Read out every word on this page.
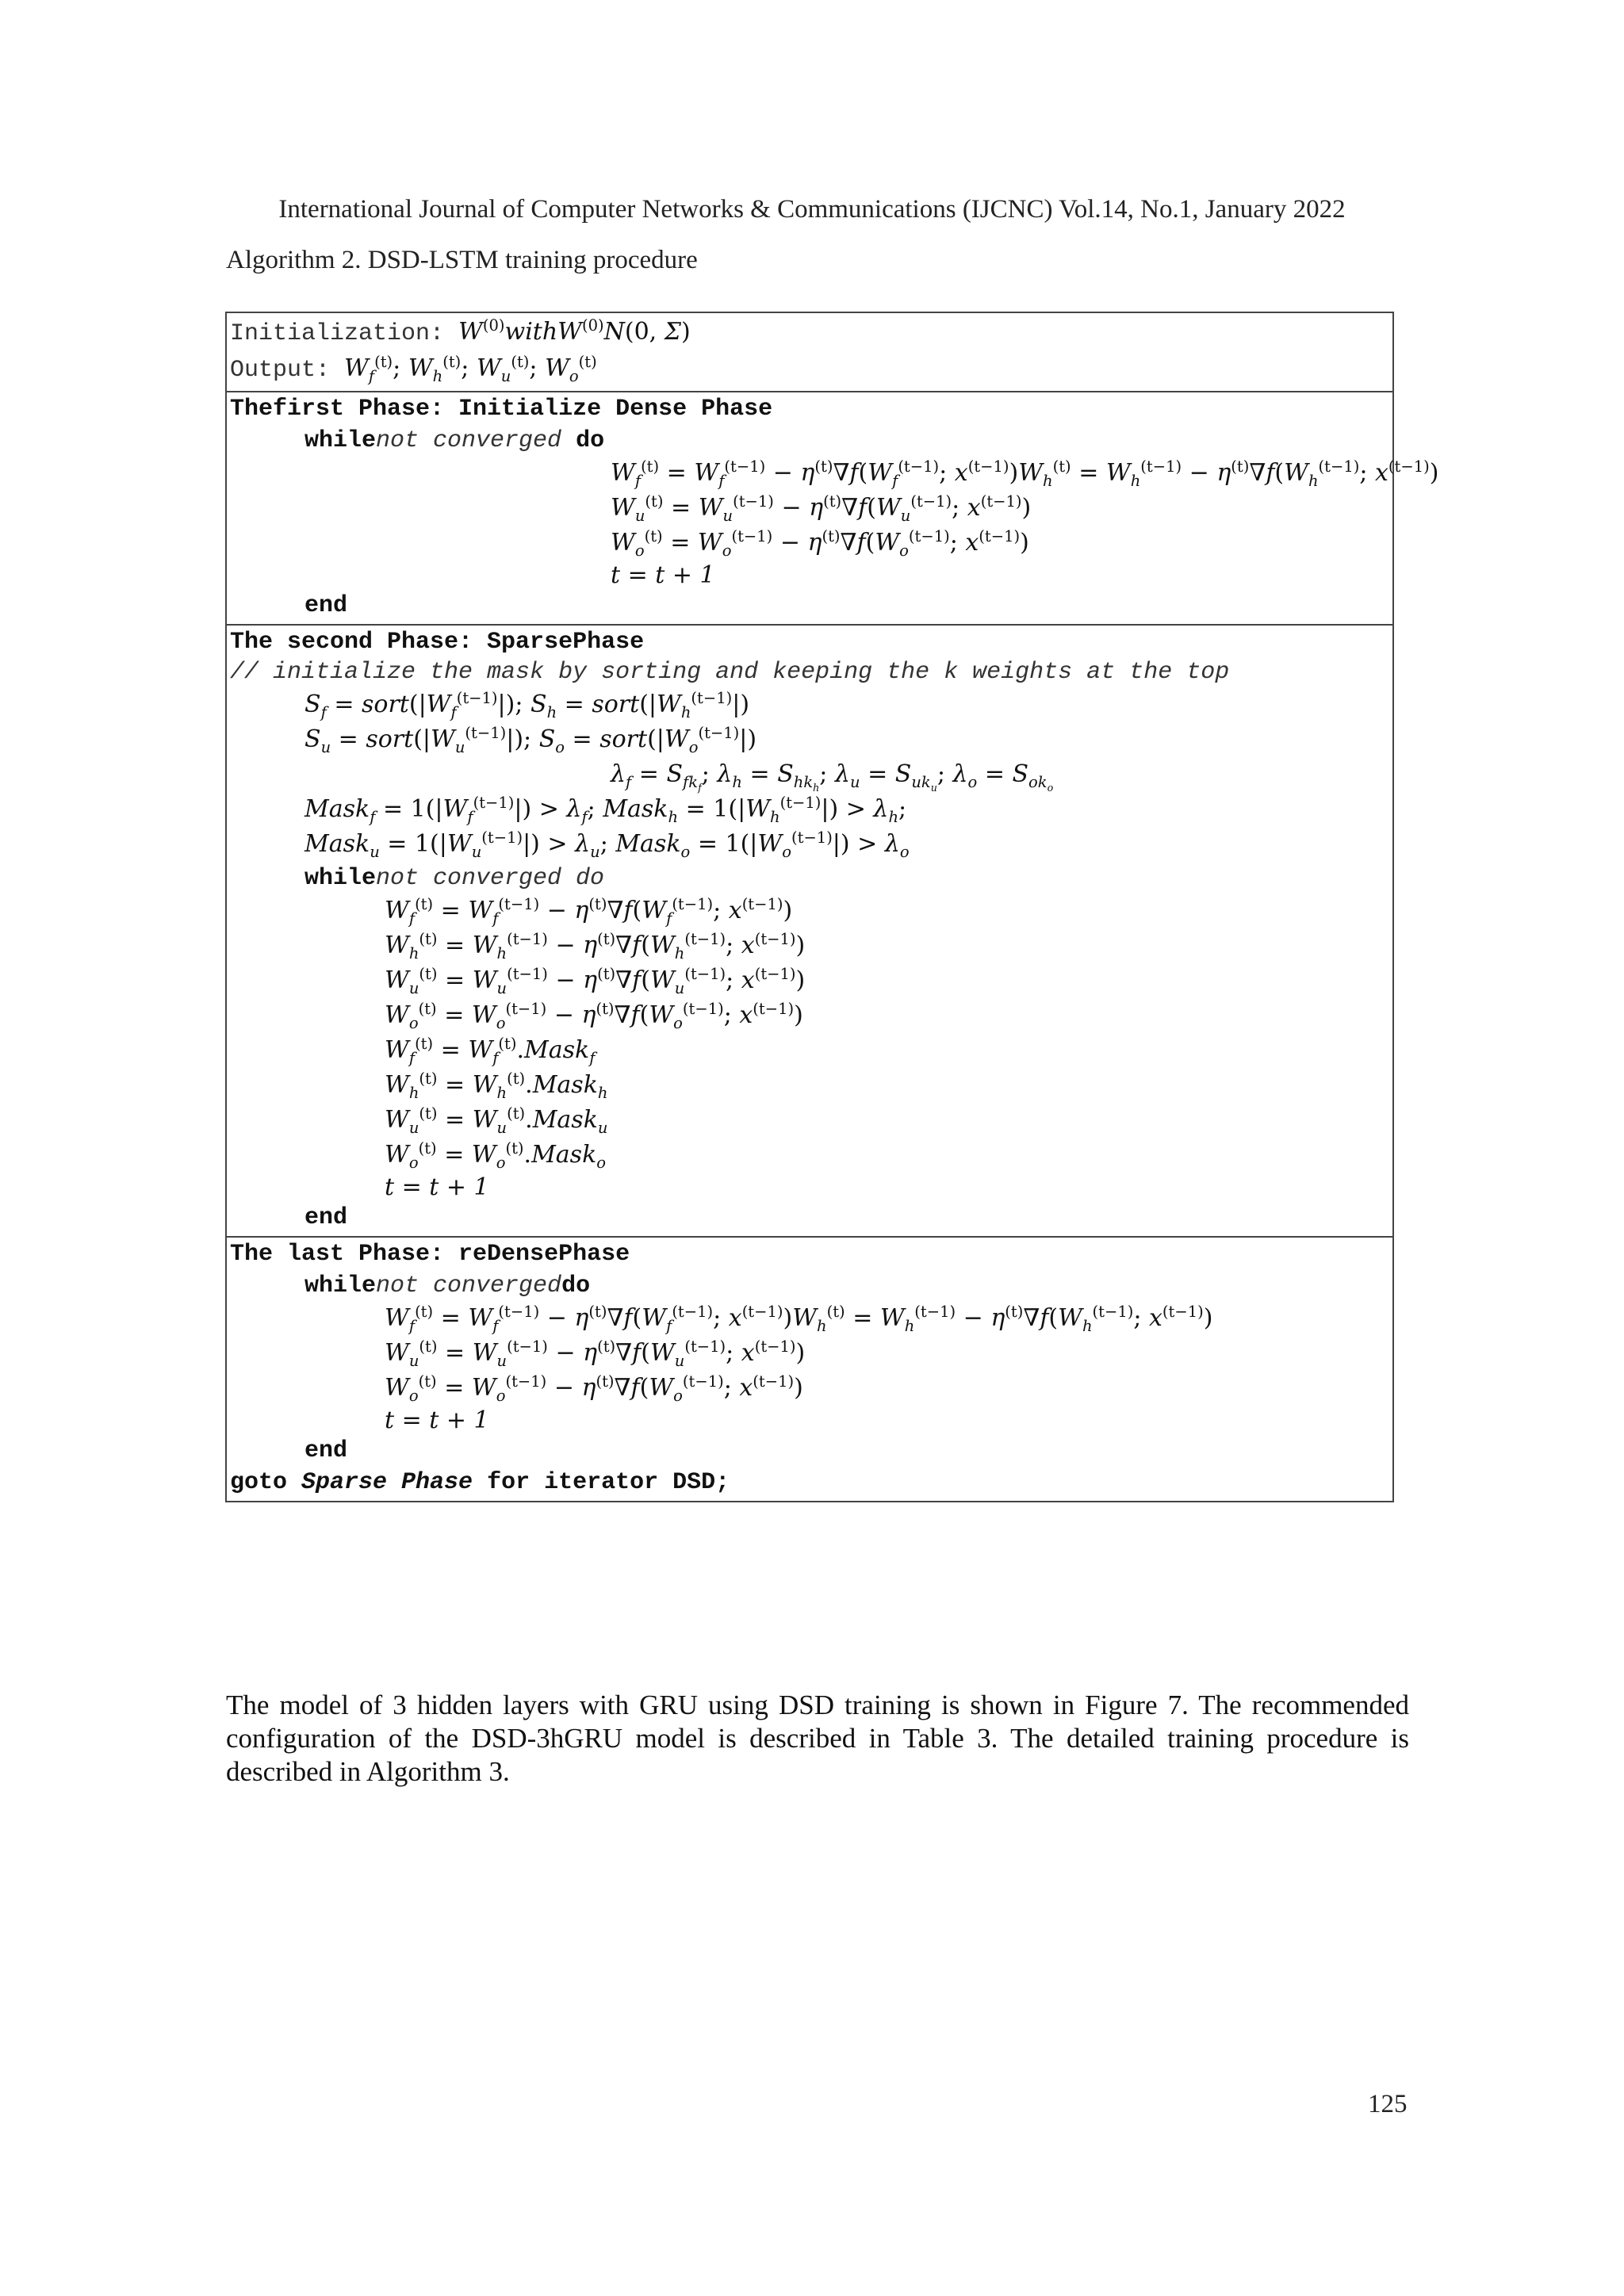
International Journal of Computer Networks & Communications (IJCNC) Vol.14, No.1, January 2022
Algorithm 2. DSD-LSTM training procedure
Initialization: $W^{(0)}withW^{(0)}N(0$, Σ)
Output: $W_f^{(t)}$; $W_h^{(t)}$; $W_u^{(t)}$; $W_o^{(t)}$
Thefirst Phase: Initialize Dense Phase
whilenot converged do
$W_f^{(t)} = W_f^{(t-1)} - \eta^{(t)}\nabla f(W_f^{(t-1)}$; $x^{(t-1)})W_h^{(t)} = W_h^{(t-1)} - \eta^{(t)}\nabla f(W_h^{(t-1)}$; $x^{(t-1)}$)
$W_u^{(t)} = W_u^{(t-1)} - \eta^{(t)}\nabla f(W_u^{(t-1)}$; $x^{(t-1)}$)
$W_o^{(t)} = W_o^{(t-1)} - \eta^{(t)}\nabla f(W_o^{(t-1)}$; $x^{(t-1)}$)
t = t + 1
end
The second Phase: SparsePhase
// initialize the mask by sorting and keeping the k weights at the top
$S_f$ = $sort(|W_f^{(t-1)}|)$; $S_h$ = $sort(|W_h^{(t-1)}|)$
$S_u$ = $sort(|W_u^{(t-1)}|)$; $S_o$ = $sort(|W_o^{(t-1)}|)$
$\lambda_f = S_{fk_f}$; $\lambda_h = S_{hk_h}$; $\lambda_u = S_{uk_u}$; $\lambda_o = S_{ok_o}$
Mask$_f$ = $1(|W_f^{(t-1)}|) > \lambda_f$; Mask$_h$ = $1(|W_h^{(t-1)}|) > \lambda_h$;
Mask$_u$ = $1(|W_u^{(t-1)}|) > \lambda_u$; Mask$_o$ = $1(|W_o^{(t-1)}|) > \lambda_o$
whilenot converged do
$W_f^{(t)} = W_f^{(t-1)} - \eta^{(t)}\nabla f(W_f^{(t-1)}$; $x^{(t-1)}$)
$W_h^{(t)} = W_h^{(t-1)} - \eta^{(t)}\nabla f(W_h^{(t-1)}$; $x^{(t-1)}$)
$W_u^{(t)} = W_u^{(t-1)} - \eta^{(t)}\nabla f(W_u^{(t-1)}$; $x^{(t-1)}$)
$W_o^{(t)} = W_o^{(t-1)} - \eta^{(t)}\nabla f(W_o^{(t-1)}$; $x^{(t-1)}$)
$W_f^{(t)}$ = $W_f^{(t)}.Mask_f$
$W_h^{(t)}$ = $W_h^{(t)}.Mask_h$
$W_u^{(t)}$ = $W_u^{(t)}.Mask_u$
$W_o^{(t)}$ = $W_o^{(t)}.Mask_o$
t = t + 1
end
The last Phase: reDensePhase
whilenot convergeddo
$W_f^{(t)} = W_f^{(t-1)} - \eta^{(t)}\nabla f(W_f^{(t-1)}$; $x^{(t-1)})W_h^{(t)} = W_h^{(t-1)} - \eta^{(t)}\nabla f(W_h^{(t-1)}$; $x^{(t-1)}$)
$W_u^{(t)} = W_u^{(t-1)} - \eta^{(t)}\nabla f(W_u^{(t-1)}$; $x^{(t-1)}$)
$W_o^{(t)} = W_o^{(t-1)} - \eta^{(t)}\nabla f(W_o^{(t-1)}$; $x^{(t-1)}$)
t = t + 1
end
goto Sparse Phase for iterator DSD;
The model of 3 hidden layers with GRU using DSD training is shown in Figure 7. The recommended configuration of the DSD-3hGRU model is described in Table 3. The detailed training procedure is described in Algorithm 3.
125
